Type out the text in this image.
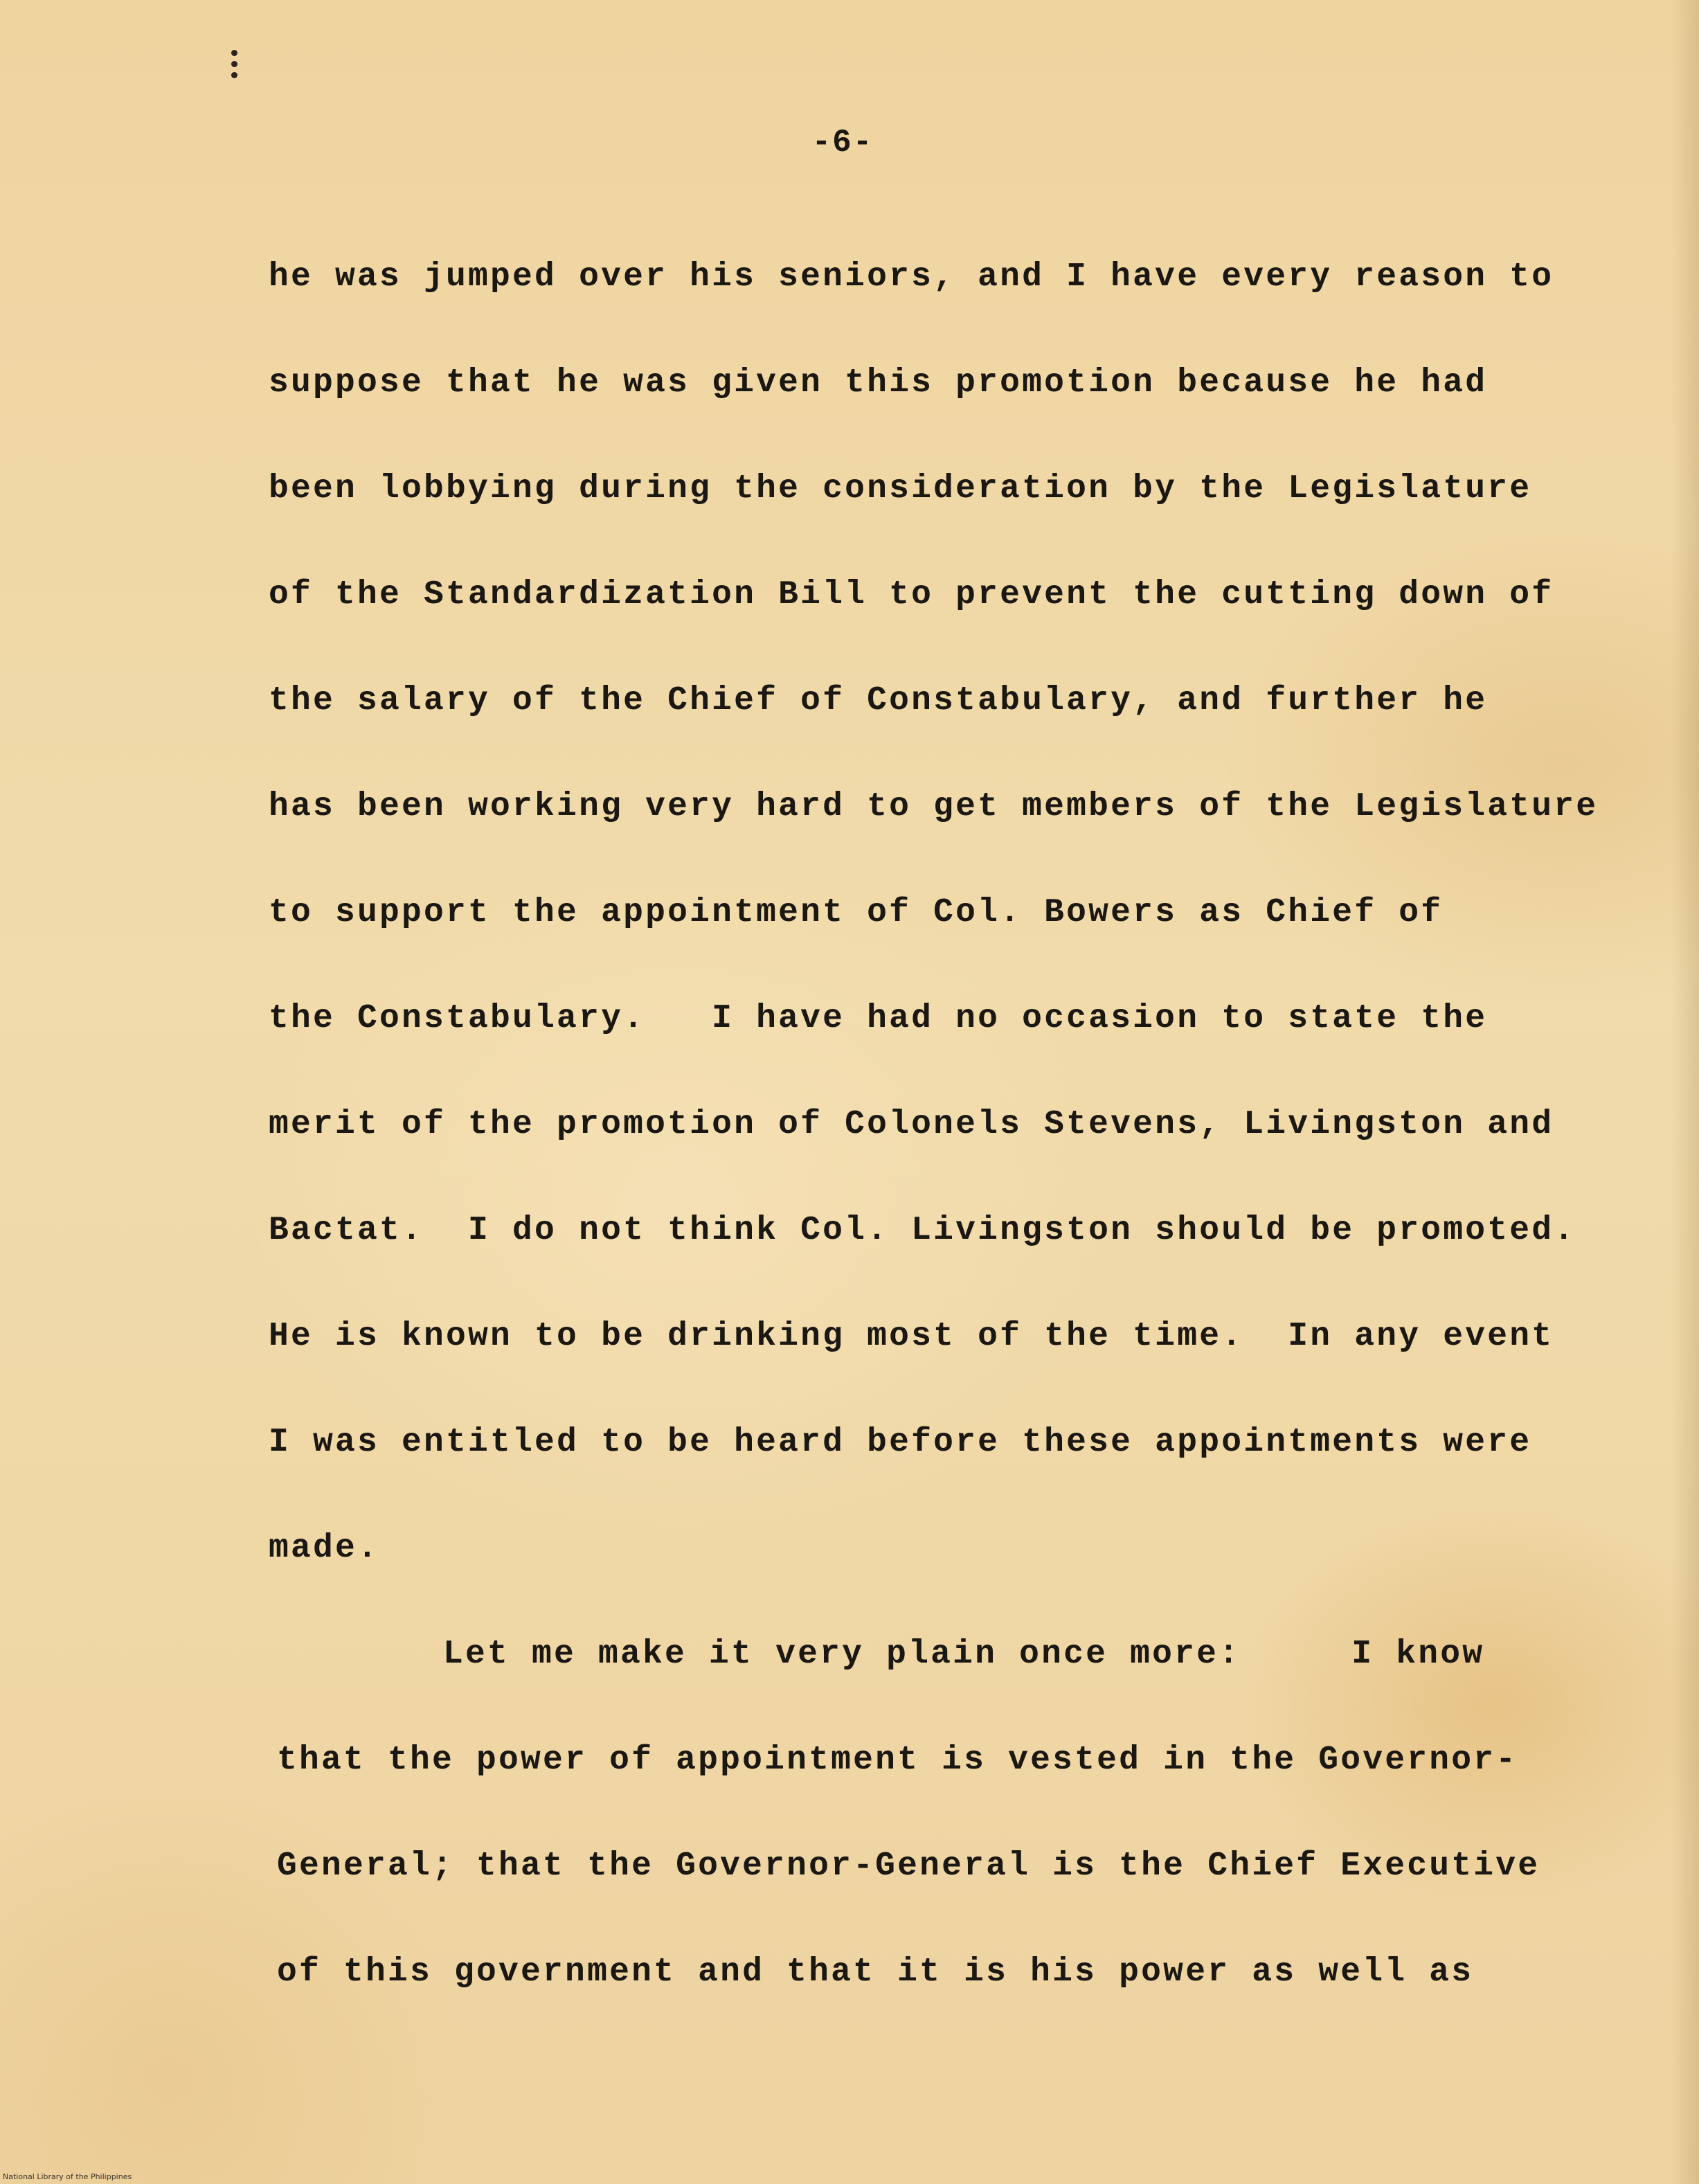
-6-
he was jumped over his seniors, and I have every reason to
suppose that he was given this promotion because he had
been lobbying during the consideration by the Legislature
of the Standardization Bill to prevent the cutting down of
the salary of the Chief of Constabulary, and further he
has been working very hard to get members of the Legislature
to support the appointment of Col. Bowers as Chief of
the Constabulary.   I have had no occasion to state the
merit of the promotion of Colonels Stevens, Livingston and
Bactat.  I do not think Col. Livingston should be promoted.
He is known to be drinking most of the time.  In any event
I was entitled to be heard before these appointments were
made.
Let me make it very plain once more:     I know
that the power of appointment is vested in the Governor-
General; that the Governor-General is the Chief Executive
of this government and that it is his power as well as
National Library of the Philippines
